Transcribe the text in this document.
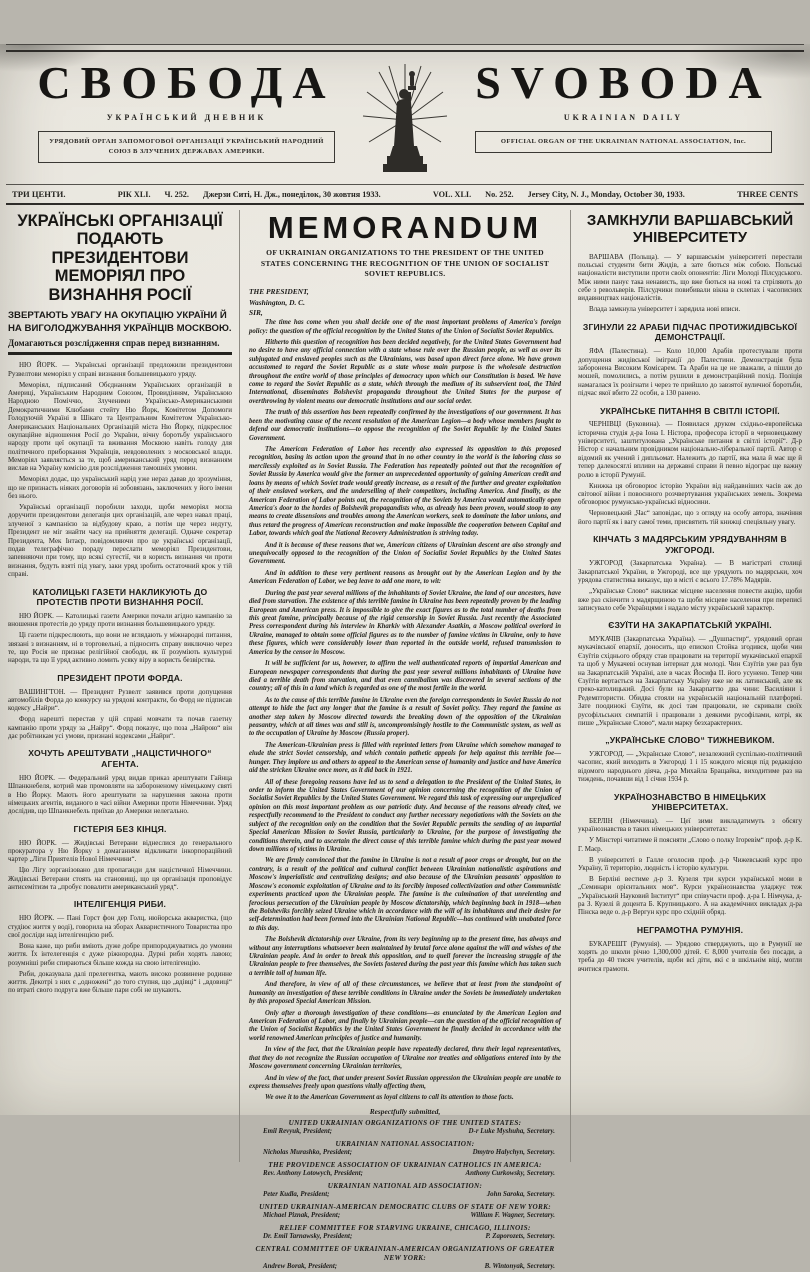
СВОБОДА
УКРАЇНСЬКИЙ ДНЕВНИК
УРЯДОВИЙ ОРГАН ЗАПОМОГОВОЇ ОРГАНІЗАЦІЇ УКРАЇНСЬКИЙ НАРОДНИЙ СОЮЗ В ЗЛУЧЕНИХ ДЕРЖАВАХ АМЕРИКИ.
SVOBODA
UKRAINIAN DAILY
OFFICIAL ORGAN OF THE UKRAINIAN NATIONAL ASSOCIATION, Inc.
ТРИ ЦЕНТИ.	РІК XLI. Ч. 252. Джерзи Ситі, Н. Дж., понеділок, 30 жовтня 1933.	VOL. XLI. No. 252. Jersey City, N. J., Monday, October 30, 1933.	THREE CENTS
УКРАЇНСЬКІ ОРГАНІЗАЦІЇ ПОДАЮТЬ ПРЕЗИДЕНТОВИ МЕМОРІЯЛ ПРО ВИЗНАННЯ РОСІЇ
ЗВЕРТАЮТЬ УВАГУ НА ОКУПАЦІЮ УКРАЇНИ Й НА ВИГОЛОДЖУВАННЯ УКРАЇНЦІВ МОСКВОЮ.
Домагаються розслідження справ перед визнанням.

НЮ ЙОРК. — Українські організації предложили президентови Рузвелтови меморіял у справі визнання большевицького уряду.

Меморіял, підписаний Обєднанням Українських організацій в Америці, Українським Народним Союзом, Провидінням, Українською Народною Поміччю, Злученими Українсько-Американськими Демократичними Клюбами стейту Ню Йорк, Комітетом Допомоги Голодуючій Україні в Шікаго та Центральним Комітетом Українсько-Американських Національних Організацій міста Ню Йорку, підкреслює окупаційне відношення Росії до України, вічну боротьбу українського народу проти цеї окупації та вживання Москвою навіть голоду для політичного приборкання Українців, невдоволених з московської влади. Меморіял заявляється за те, щоб американський уряд перед визнанням вислав на Україну комісію для розслідження тамошніх умовин.

Меморіял додає, що український нарід уже нераз давав до зрозуміння, що не признасть ніяких договорів ні зобовязань, заключених у його імени без нього.

Українські організації поробили заходи, щоби меморіял могла доручити президентови делегація цих організацій, але через навал праці, злученої з кампанією за відбудову краю, а потім ще через недугу, Президент не міг знайти часу на прийняття делегації. Одначе секретар Президента, Мек Інтаєр, повідомляючи про це українські організації, подав телеграфічно пораду переслати меморіял Президентови, запевняючи при тому, що всякі сугестії, чи в користь визнання чи проти визнання, будуть взяті під увагу, заки уряд зробить остаточний крок у тій справі.

КАТОЛИЦЬКІ ГАЗЕТИ НАКЛИКУЮТЬ ДО ПРОТЕСТІВ ПРОТИ ВИЗНАННЯ РОСІЇ.

НЮ ЙОРК. — Католицькі газети Америки почали агідно кампанію за вношення протестів до уряду проти визнання большевицького уряду.

Ці газети підкреслюють, що вони не вглядають у міжнародні питання, звязані з визнанням, ні в торговельні, а підносить справу виключно через те, що Росія не признає релігійної свободи, як її розуміють культурні народи, та що її уряд активно ломить усяку віру в користь безвірства.

ПРЕЗИДЕНТ ПРОТИ ФОРДА.

ВАШИНГТОН. — Президент Рузвелт заявився проти допущення автомобілів Форда до конкурсу на урядові контракти, бо Форд не підписав кодексу „Найри“.

Форд нарешті перестав у цій справі мовчати та почав газетну кампанію проти уряду за „Найру“. Форд показує, що поза „Найрою“ він дає робітникам усі умови, признані кодексами „Найри“.

ХОЧУТЬ АРЕШТУВАТИ „НАЦІСТИЧНОГО“ АГЕНТА.

НЮ ЙОРК. — Федеральний уряд видав приказ арештувати Гайнца Шпанкнебеля, котрий мав промовляти на забороненому німецькому святі в Ню Йорку. Мають його арештувати за нарушення закона проти німецьких агентів, виданого в часі війни Америки проти Німеччини. Уряд дослідив, що Шпанкнебель приїхав до Америки нелегально.

ГІСТЕРІЯ БЕЗ КІНЦЯ.

НЮ ЙОРК. — Жидівські Ветерани віднеслися до генерального прокуратора у Ню Йорку з домаганням відкликати інкорпораційний чартер „Ліги Приятелів Нової Німеччини“.

Цю Лігу зорганізовано для пропаганди для націстичної Німеччини. Жидівські Ветерани стоять на становищі, що ця організація проповідує антисемітизм та „пробує повалити американський уряд“.

ІНТЕЛІГЕНЦІЯ РИБИ.

НЮ ЙОРК. — Пані Горст фон дер Голц, нюйорська акваристка, (що студіює життя у воді), говорила на зборах Акваристичного Товариства про свої досліди над інтелігенцією риб.

Вона каже, що риби вміють дуже добре припороджуватись до умовин життя. Їх інтелегенція є дуже ріжнородна. Дурні риби ходять лавою; розумніші риби спираються більше кожда на свою інтелігенцію.

Риби, доказувала далі прелегентка, мають високо розвинене родинне життя. Декотрі з них є „одножені“ до того ступня, що „вдівці“ і „вдовиці“ по втраті свого подруга вже більше пари собі не шукають.

MEMORANDUM
OF UKRAINIAN ORGANIZATIONS TO THE PRESIDENT OF THE UNITED STATES CONCERNING THE RECOGNITION OF THE UNION OF SOCIALIST SOVIET REPUBLICS.
THE PRESIDENT,
Washington, D. C.
SIR,

The time has come when you shall decide one of the most important problems of America's foreign policy: the question of the official recognition by the United States of the Union of Socialist Soviet Republics.

Hitherto this question of recognition has been decided negatively, for the United States Government had no desire to have any official connection with a state whose rule over the Russian people, as well as over its subjugated and enslaved peoples such as the Ukrainians, was based upon direct force alone. We have grown accustomed to regard the Soviet Republic as a state whose main purpose is the wholesale destruction throughout the entire world of those principles of democracy upon which our Constitution is based. We have come to regard the Soviet Republic as a state, which through the medium of its subservient tool, the Third International, disseminates Bolshevist propaganda throughout the United States for the purpose of overthrowing by violent means our democratic institutions and our social order.

The truth of this assertion has been repeatedly confirmed by the investigations of our government. It has been the motivating cause of the recent resolution of the American Legion—a body whose members fought to defend our democratic institutions—to oppose the recognition of the Soviet Republic by the United States Government.

The American Federation of Labor has recently also expressed its opposition to this proposed recognition, basing its action upon the ground that in no other country in the world is the laboring class so mercilessly exploited as in Soviet Russia. The Federation has repeatedly pointed out that the recognition of Soviet Russia by America would give the former an unprecedented opportunity of gaining American credit and loans by means of which Soviet trade would greatly increase, as a result of the further and greater exploitation of their enslaved workers, and the underselling of their competitors, including America. And finally, as the American Federation of Labor points out, the recognition of the Soviets by America would automatically open America's door to the hordes of Bolshevik propagandists who, as already has been proven, would stoop to any means to create dissensions and troubles among the American workers, seek to dominate the labor unions, and thus retard the progress of American reconstruction and make impossible the cooperation between Capital and Labor, towards which goal the National Recovery Administration is striving today.

And it is because of these reasons that we, American citizens of Ukrainian descent are also strongly and unequivocally opposed to the recognition of the Union of Socialist Soviet Republics by the United States Government.

And in addition to these very pertinent reasons as brought out by the American Legion and by the American Federation of Labor, we beg leave to add one more, to wit:

During the past year several millions of the inhabitants of Soviet Ukraine, the land of our ancestors, have died from starvation. The existence of this terrible famine in Ukraine has been repeatedly proven by the leading European and American press. It is impossible to give the exact figures as to the total number of deaths from this great famine, principally because of the rigid censorship in Soviet Russia. Just recently the Associated Press correspondent during his interview in Kharkiv with Alexander Asatkin, a Moscow political overlord in Ukraine, managed to obtain some official figures as to the number of famine victims in Ukraine, only to have these figures, which were considerably lower than reported in the outside world, refused transmission to America by the censor in Moscow.

It will be sufficient for us, however, to affirm the well authenticated reports of impartial American and European newspaper correspondents that during the past year several millions inhabitants of Ukraine have died a terrible death from starvation, and that even cannibalism was discovered in several sections of the country; all of this in a land which is regarded as one of the most fertile in the world.

As to the cause of this terrible famine in Ukraine even the foreign correspondents in Soviet Russia do not attempt to hide the fact any longer that the famine is a result of Soviet policy. They regard the famine as another step taken by Moscow directed towards the breaking down of the opposition of the Ukrainian peasantry, which at all times was and still is, uncompromisingly hostile to the Communistic system, as well as to the occupation of Ukraine by Moscow (Russia proper).

The American-Ukrainian press is filled with reprinted letters from Ukraine which somehow managed to elude the strict Soviet censorship, and which contain pathetic appeals for help against this terrible foe—hunger. They implore us and others to appeal to the American sense of humanity and justice and have America aid the stricken Ukraine once more, as it did back in 1921.

All of these foregoing reasons have led us to send a delegation to the President of the United States, in order to inform the United States Government of our opinion concerning the recognition of the Union of Socialist Soviet Republics by the United States Government. We regard this task of expressing our unprejudiced opinion on this most important problem as our patriotic duty. And because of the reasons already cited, we respectfully recommend to the President to conduct any further necessary negotiations with the Soviets on the subject of the recognition only on the condition that the Soviet Republic permits the sending of an impartial Special American Mission to Soviet Russia, particularly to Ukraine, for the purpose of investigating the conditions therein, and to ascertain the direct cause of this terrible famine which during the past year mowed down millions of victims in Ukraine.

We are firmly convinced that the famine in Ukraine is not a result of poor crops or drought, but on the contrary, is a result of the political and cultural conflict between Ukrainian nationalistic aspirations and Moscow's imperialistic and centralizing designs; and also because of the Ukrainian peasants' opposition to Moscow's economic exploitation of Ukraine and to its forcibly imposed collectivization and other Communistic experiments practiced upon the Ukrainian people. The famine is the culmination of that unrelenting and ferocious persecution of the Ukrainian people by Moscow dictatorship, which beginning back in 1918—when the Bolsheviks forcibly seized Ukraine which in accordance with the will of its inhabitants and their desire for self-determination had been formed into the Ukrainian National Republic—has continued with unabated force to this day.

The Bolshevik dictatorship over Ukraine, from its very beginning up to the present time, has always and without any interruptions whatsoever been maintained by brutal force alone against the will and wishes of the Ukrainian people. And in order to break this opposition, and to quell forever the increasing struggle of the Ukrainian people to free themselves, the Soviets fostered during the past year this famine which has taken such a terrible toll of human life.

And therefore, in view of all of these circumstances, we believe that at least from the standpoint of humanity an investigation of these terrible conditions in Ukraine under the Soviets be immediately undertaken by this proposed Special American Mission.

Only after a thorough investigation of these conditions—as enunciated by the American Legion and American Federation of Labor, and finally by Ukrainian people—can the question of the official recognition of the Union of Socialist Republics by the United States Government be finally decided in accordance with the world renowned American principles of justice and humanity.

In view of the fact, that the Ukrainian people have repeatedly declared, thru their legal representatives, that they do not recognize the Russian occupation of Ukraine nor treaties and obligations entered into by the Moscow government concerning Ukrainian territories,

And in view of the fact, that under present Soviet Russian oppression the Ukrainian people are unable to express themselves freely upon questions vitally affecting them,

We owe it to the American Government as loyal citizens to call its attention to those facts.

Respectfully submitted,
UNITED UKRAINIAN ORGANIZATIONS OF THE UNITED STATES:
Emil Revyuk, President;	D-r Luke Myshuha, Secretary.
UKRAINIAN NATIONAL ASSOCIATION:
Nicholas Murashko, President;	Dmytro Halychyn, Secretary.
THE PROVIDENCE ASSOCIATION OF UKRAINIAN CATHOLICS IN AMERICA:
Rev. Anthony Lotowych, President;	Anthony Curkowsky, Secretary.
UKRAINIAN NATIONAL AID ASSOCIATION:
Peter Kudla, President;	John Saroka, Secretary.
UNITED UKRAINIAN-AMERICAN DEMOCRATIC CLUBS OF STATE OF NEW YORK:
Michael Piznak, President;	William F. Wagner, Secretary.
RELIEF COMMITTEE FOR STARVING UKRAINE, CHICAGO, ILLINOIS:
Dr. Emil Tarnawsky, President;	P. Zaporozets, Secretary.
CENTRAL COMMITTEE OF UKRAINIAN-AMERICAN ORGANIZATIONS OF GREATER NEW YORK:
Andrew Borak, President;	B. Wintonyak, Secretary.
ЗАМКНУЛИ ВАРШАВСЬКИЙ УНІВЕРСИТЕТУ

ВАРШАВА (Польща). — У варшавськім університеті перестали польські студенти бити Жидів, а зате бються між собою. Польські націоналісти виступили проти своїх опонентів: Ліги Молоді Пілсудського. Між ними панує така ненависть, що вже бються на ножі та стріляють до себе з револьверів. Пілсудчики повибивали вікна в склепах і часописних видавництвах націоналістів.

Влада замкнула університет і зарядила нові вписи.

ЗГИНУЛИ 22 АРАБИ ПІДЧАС ПРОТИЖИДІВСЬКОЇ ДЕМОНСТРАЦІЇ.

ЯФА (Палестина). — Коло 10,000 Арабів протестували проти допущення жидівської іміграції до Палестини. Демонстрація була заборонена Високим Комісарем. Та Араби на це не зважали, а пішли до мошей, помолились, а потім рушили в демонстраційний похід. Поліція намагалася їх розігнати і через те прийшло до завзятої вуличної боротьби, підчас якої вбито 22 особи, а 130 ранено.

УКРАЇНСЬКЕ ПИТАННЯ В СВІТЛІ ІСТОРІЇ.

ЧЕРНІВЦІ (Буковина). — Появилася друком східньо-европейська історична студія д-ра Іона І. Ністора, професора історії в черновецькому університеті, заштитулована „Українське питання в світлі історії“. Д-р Ністор є начальним провідником національно-ліберальної партії. Автор є відомий як учений і дипльомат. Належить до партії, яка мала й має ще й тепер далекосяглі впливи на державні справи й певно відограє ще важну ролю в історії Румунії.

Книжка ця обговорює історію України від найдавніших часів аж до світової війни і повоєнного розчвертування українських земель. Зокрема обговорює румунсько-українські відносини.

Черновецький „Час“ заповідає, що з огляду на особу автора, значіння його партії як і вагу самої теми, присвятить тій книжці спеціяльну увагу.

КІНЧАТЬ З МАДЯРСЬКИМ УРЯДУВАННЯМ В УЖГОРОДІ.

УЖГОРОД (Закарпатська Україна). — В магістраті столиці Закарпатської України, в Ужгороді, все ще урядують по мадярськи, хоч урядова статистика виказує, що в місті є всього 17.78% Мадярів.

„Українське Слово“ накликає місцеве населення повести акцію, щоби вже раз скінчити з мадярщиною та щоби місцеве населення при переписі записувало себе Українцями і надало місту український характер.

ЄЗУЇТИ НА ЗАКАРПАТСЬКІЙ УКРАЇНІ.

МУКАЧІВ (Закарпатська Україна). — „Душпастир“, урядовий орган мукачівської епархії, доносить, що епископ Стойка згодився, щоби чин Єзуїтів східнього обряду став працювати на території мукачівської епархії та щоб у Мукачеві оснував інтернат для молоді. Чин Єзуїтів уже раз був на Закарпатській Україні, але в часах Йосифа II. його усунено. Тепер чин Єзуїтів вертається на Закарпатську Україну вже не як латинський, але як греко-католицький. Досі були на Закарпаттю два чини: Василіяни і Редемптористи. Обидва стояли на українській національній платформі. Зате поодинокі Єзуїти, як досі там працювали, не скривали своїх русофільських симпатій і працювали з деякими русофілами, котрі, як пише „Українське Слово“, мали марку безхарактерних.

„УКРАЇНСЬКЕ СЛОВО“ ТИЖНЕВИКОМ.

УЖГОРОД. — „Українське Слово“, незалежний суспільно-політичний часопис, який виходить в Ужгороді 1 і 15 кождого місяця під редакцією відомого народнього діяча, д-ра Михайла Бращайка, виходитиме раз на тиждень, почавши від 1 січня 1934 р.

УКРАЇНОЗНАВСТВО В НІМЕЦЬКИХ УНІВЕРСИТЕТАХ.

БЕРЛІН (Німеччина). — Цеї зими викладатимуть з обсягу українознавства в таких німецьких університетах:

У Мінстері читатиме й поясняти „Слово о полку Ігоревім“ проф. д-р К. Г. Маєр.

В університеті в Галле оголосив проф. д-р Чижевський курс про Україну, її територію, людність і історію культури.

В Берліні вестиме д-р З. Кузеля три курси української мови в „Семинари орієнтальних мов“. Курси українознавства уладжує теж „Український Науковий Інститут“ при співучасти проф. д-ра І. Німчука, д-ра З. Кузелі й доцента Б. Крупницького. А на академічних викладах д-ра Пінска веде о. д-р Вергун курс про східній обряд.

НЕГРАМОТНА РУМУНІЯ.

БУКАРЕШТ (Румунія). — Урядово стверджують, що в Румунії не ходять до школи річно 1,300,000 дітей. Є 8,000 учителів без посади, а треба до 40 тисяч учителів, щоби всі діти, які є в шкільнім віці, могли вчитися грамоти.
